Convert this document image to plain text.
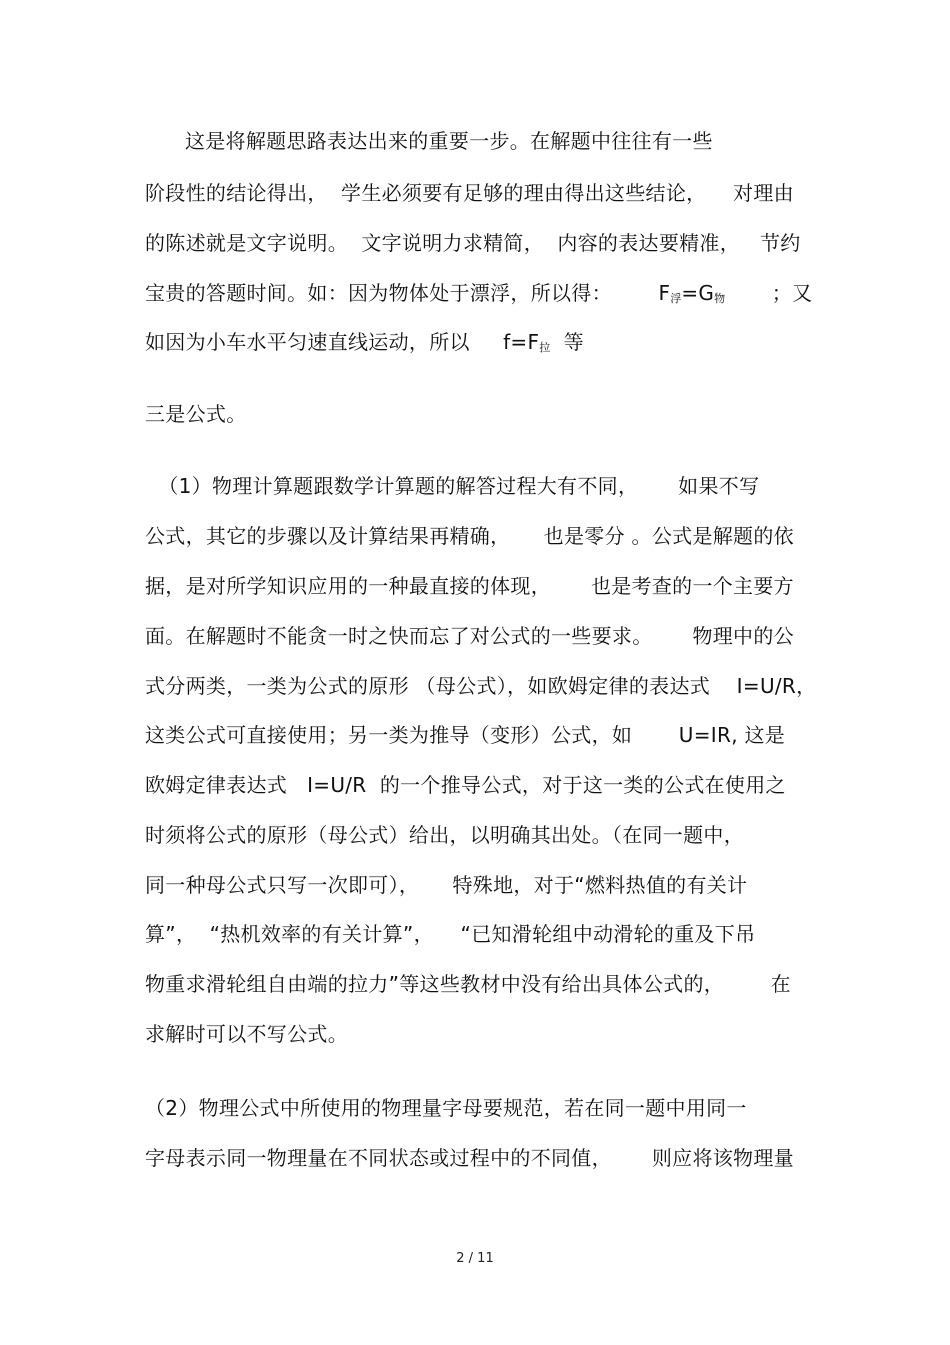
这是将解题思路表达出来的重要一步。在解题中往往有一些
阶段性的结论得出，  学生必须要有足够的理由得出这些结论，    对理由
的陈述就是文字说明。  文字说明力求精简，  内容的表达要精准，   节约
宝贵的答题时间。如：因为物体处于漂浮，所以得：       F浮=G物       ；又
如因为小车水平匀速直线运动，所以     f=F拉  等
三是公式。
（1）物理计算题跟数学计算题的解答过程大有不同，      如果不写
公式，其它的步骤以及计算结果再精确，     也是零分 。公式是解题的依
据，是对所学知识应用的一种最直接的体现，      也是考查的一个主要方
面。在解题时不能贪一时之快而忘了对公式的一些要求。      物理中的公
式分两类，一类为公式的原形 （母公式），如欧姆定律的表达式    I=U/R，
这类公式可直接使用；另一类为推导（变形）公式，如       U=IR, 这是
欧姆定律表达式   I=U/R  的一个推导公式，对于这一类的公式在使用之
时须将公式的原形（母公式）给出，以明确其出处。（在同一题中，
同一种母公式只写一次即可），     特殊地，对于“燃料热值的有关计
算”，  “热机效率的有关计算”，    “已知滑轮组中动滑轮的重及下吊
物重求滑轮组自由端的拉力”等这些教材中没有给出具体公式的，       在
求解时可以不写公式。
（2）物理公式中所使用的物理量字母要规范，若在同一题中用同一
字母表示同一物理量在不同状态或过程中的不同值，      则应将该物理量
2 / 11
